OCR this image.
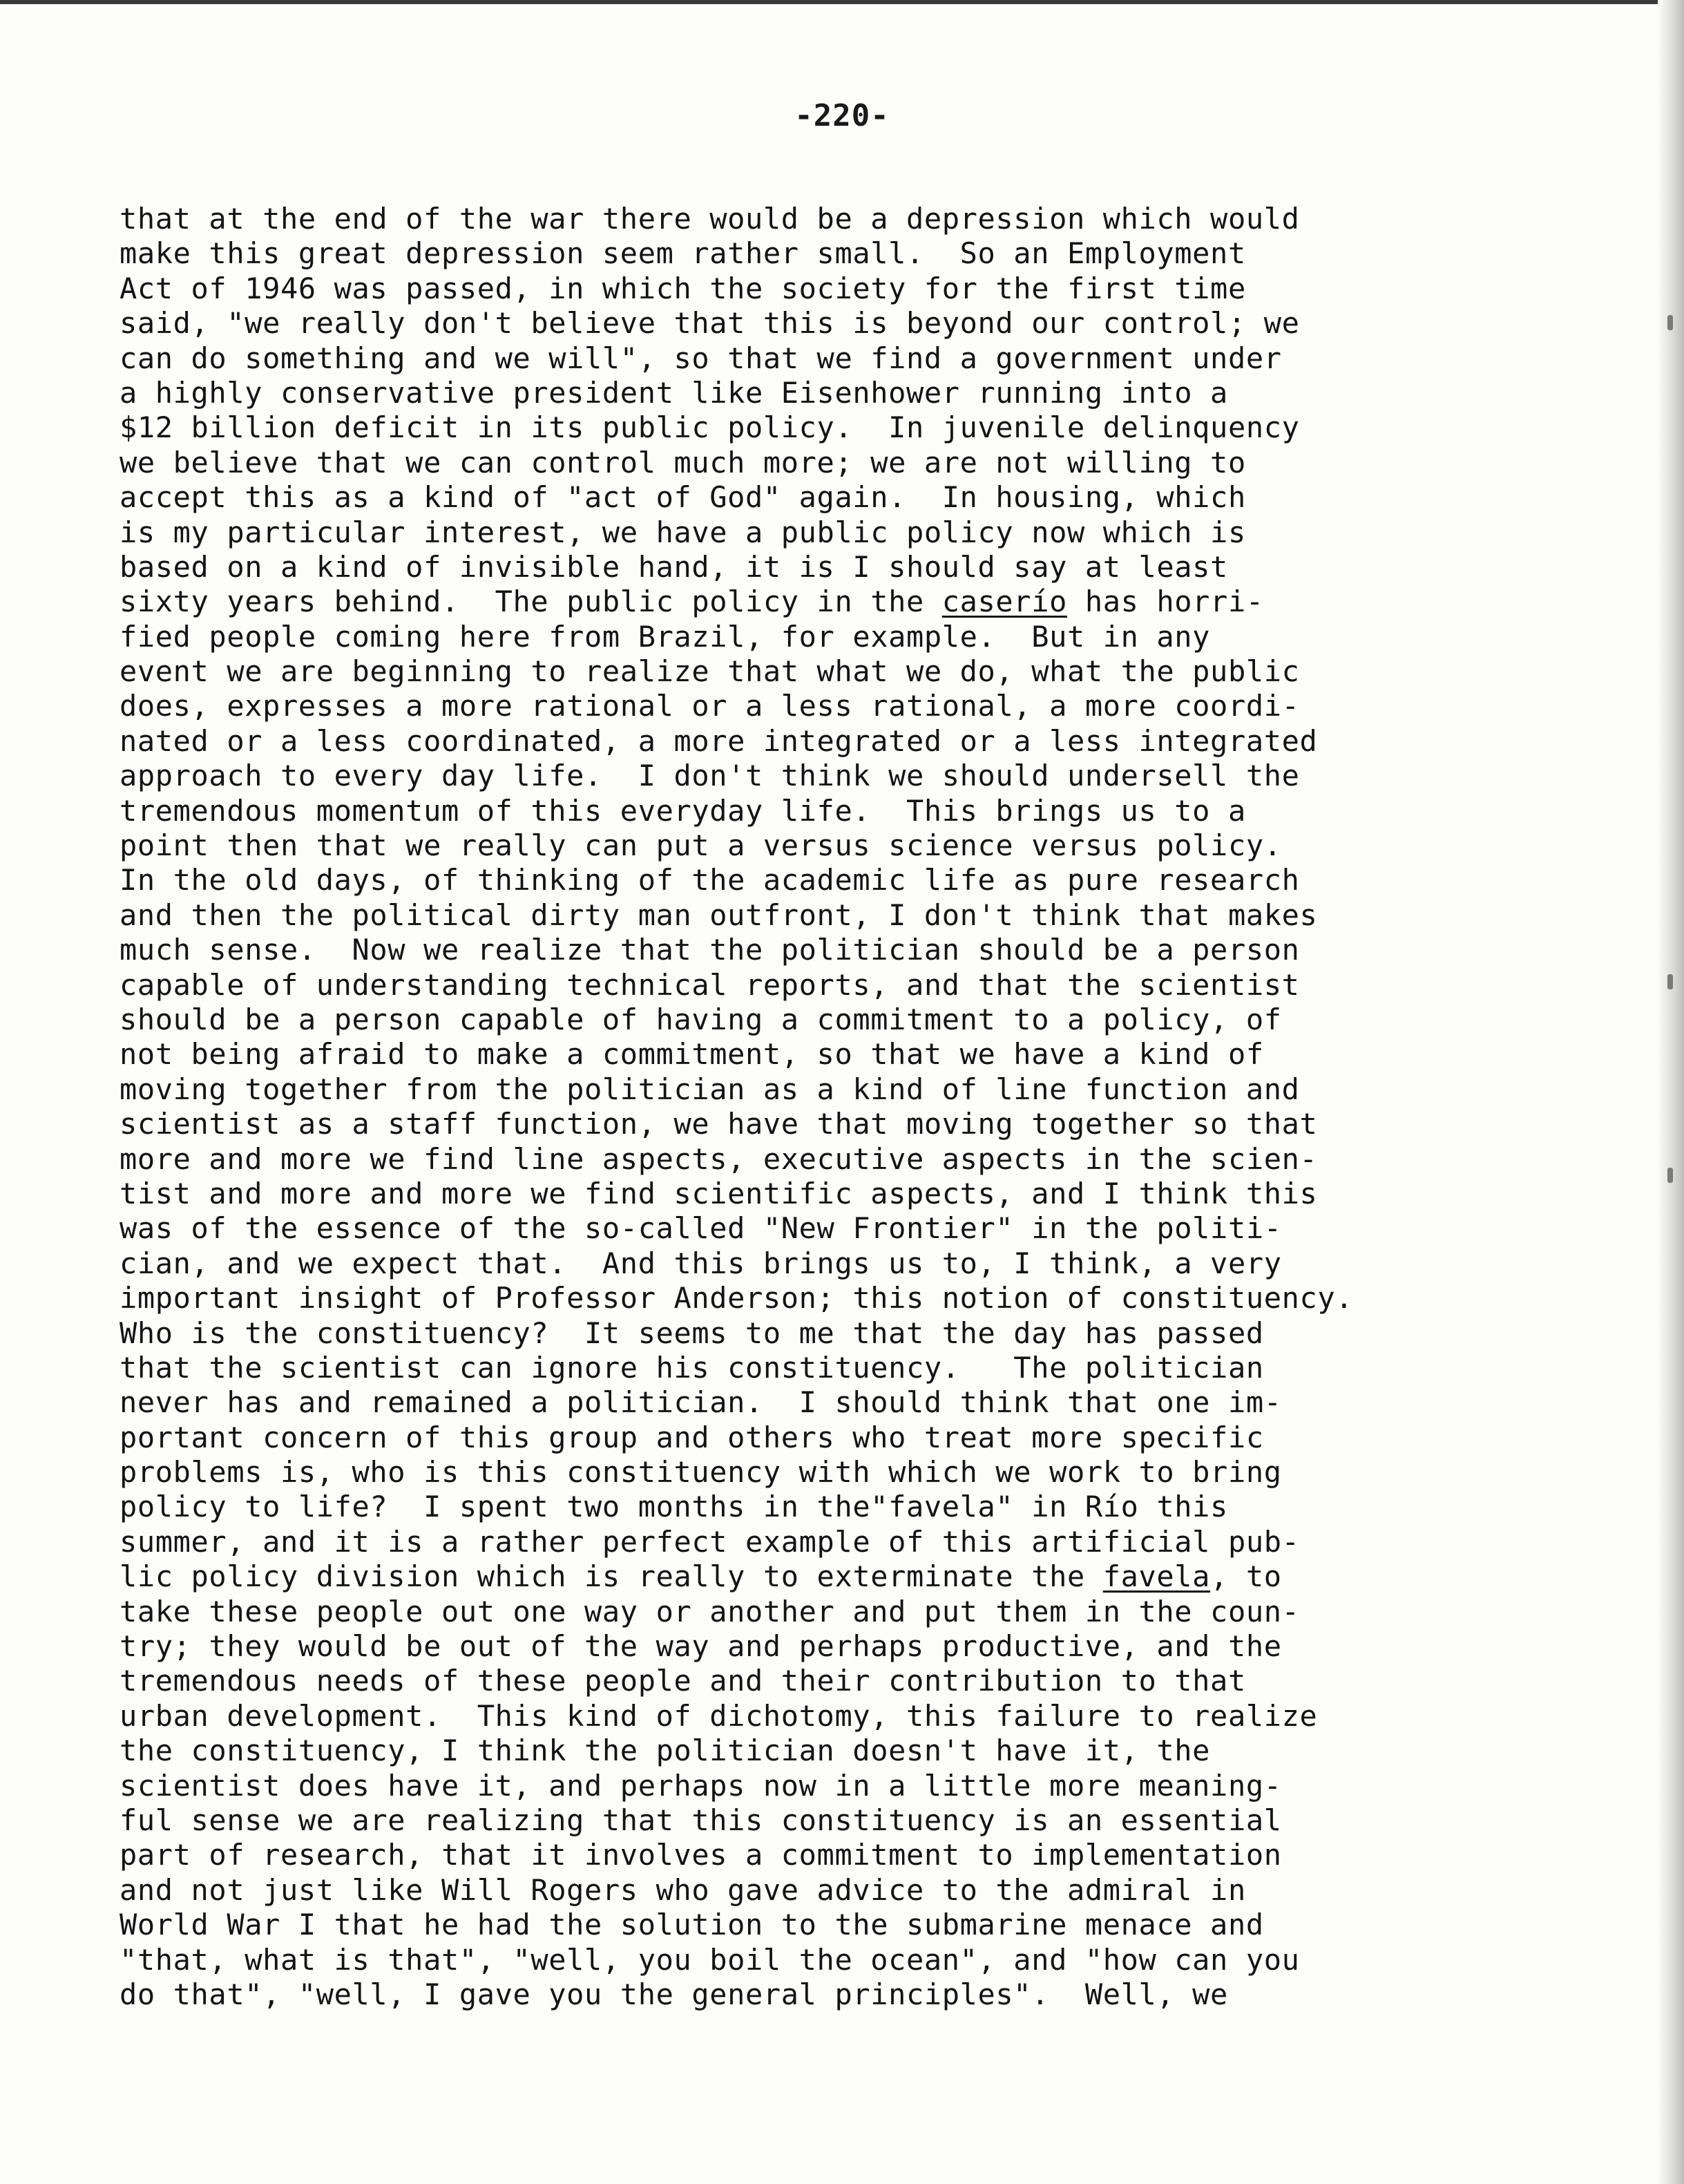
-220-
that at the end of the war there would be a depression which would
make this great depression seem rather small.  So an Employment
Act of 1946 was passed, in which the society for the first time
said, "we really don't believe that this is beyond our control; we
can do something and we will", so that we find a government under
a highly conservative president like Eisenhower running into a
$12 billion deficit in its public policy.  In juvenile delinquency
we believe that we can control much more; we are not willing to
accept this as a kind of "act of God" again.  In housing, which
is my particular interest, we have a public policy now which is
based on a kind of invisible hand, it is I should say at least
sixty years behind.  The public policy in the caserío has horri-
fied people coming here from Brazil, for example.  But in any
event we are beginning to realize that what we do, what the public
does, expresses a more rational or a less rational, a more coordi-
nated or a less coordinated, a more integrated or a less integrated
approach to every day life.  I don't think we should undersell the
tremendous momentum of this everyday life.  This brings us to a
point then that we really can put a versus science versus policy.
In the old days, of thinking of the academic life as pure research
and then the political dirty man outfront, I don't think that makes
much sense.  Now we realize that the politician should be a person
capable of understanding technical reports, and that the scientist
should be a person capable of having a commitment to a policy, of
not being afraid to make a commitment, so that we have a kind of
moving together from the politician as a kind of line function and
scientist as a staff function, we have that moving together so that
more and more we find line aspects, executive aspects in the scien-
tist and more and more we find scientific aspects, and I think this
was of the essence of the so-called "New Frontier" in the politi-
cian, and we expect that.  And this brings us to, I think, a very
important insight of Professor Anderson; this notion of constituency.
Who is the constituency?  It seems to me that the day has passed
that the scientist can ignore his constituency.   The politician
never has and remained a politician.  I should think that one im-
portant concern of this group and others who treat more specific
problems is, who is this constituency with which we work to bring
policy to life?  I spent two months in the"favela" in Río this
summer, and it is a rather perfect example of this artificial pub-
lic policy division which is really to exterminate the favela, to
take these people out one way or another and put them in the coun-
try; they would be out of the way and perhaps productive, and the
tremendous needs of these people and their contribution to that
urban development.  This kind of dichotomy, this failure to realize
the constituency, I think the politician doesn't have it, the
scientist does have it, and perhaps now in a little more meaning-
ful sense we are realizing that this constituency is an essential
part of research, that it involves a commitment to implementation
and not just like Will Rogers who gave advice to the admiral in
World War I that he had the solution to the submarine menace and
"that, what is that", "well, you boil the ocean", and "how can you
do that", "well, I gave you the general principles".  Well, we
